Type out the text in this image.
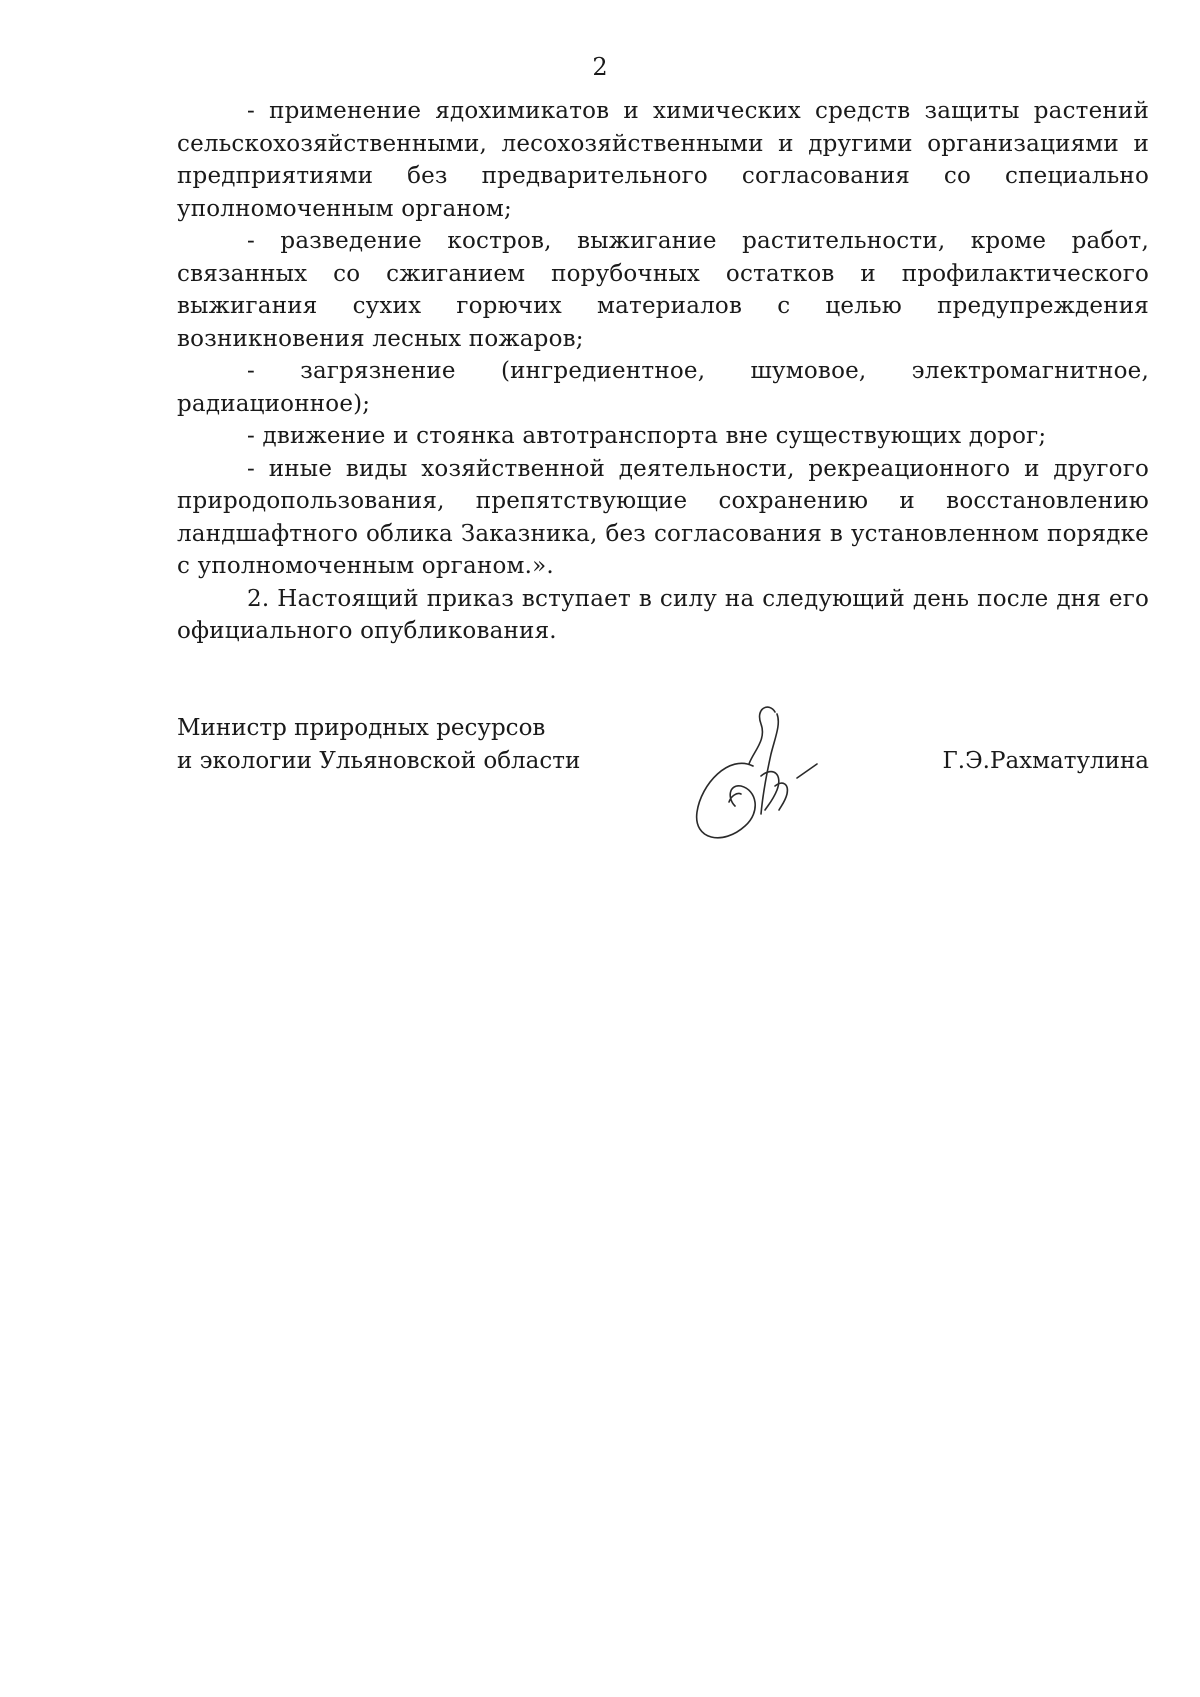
2

- применение ядохимикатов и химических средств защиты растений сельскохозяйственными, лесохозяйственными и другими организациями и предприятиями без предварительного согласования со специально уполномоченным органом;

- разведение костров, выжигание растительности, кроме работ, связанных со сжиганием порубочных остатков и профилактического выжигания сухих горючих материалов с целью предупреждения возникновения лесных пожаров;

- загрязнение (ингредиентное, шумовое, электромагнитное, радиационное);

- движение и стоянка автотранспорта вне существующих дорог;

- иные виды хозяйственной деятельности, рекреационного и другого природопользования, препятствующие сохранению и восстановлению ландшафтного облика Заказника, без согласования в установленном порядке с уполномоченным органом.».

2. Настоящий приказ вступает в силу на следующий день после дня его официального опубликования.

Министр природных ресурсов
и экологии Ульяновской области	Г.Э.Рахматулина
